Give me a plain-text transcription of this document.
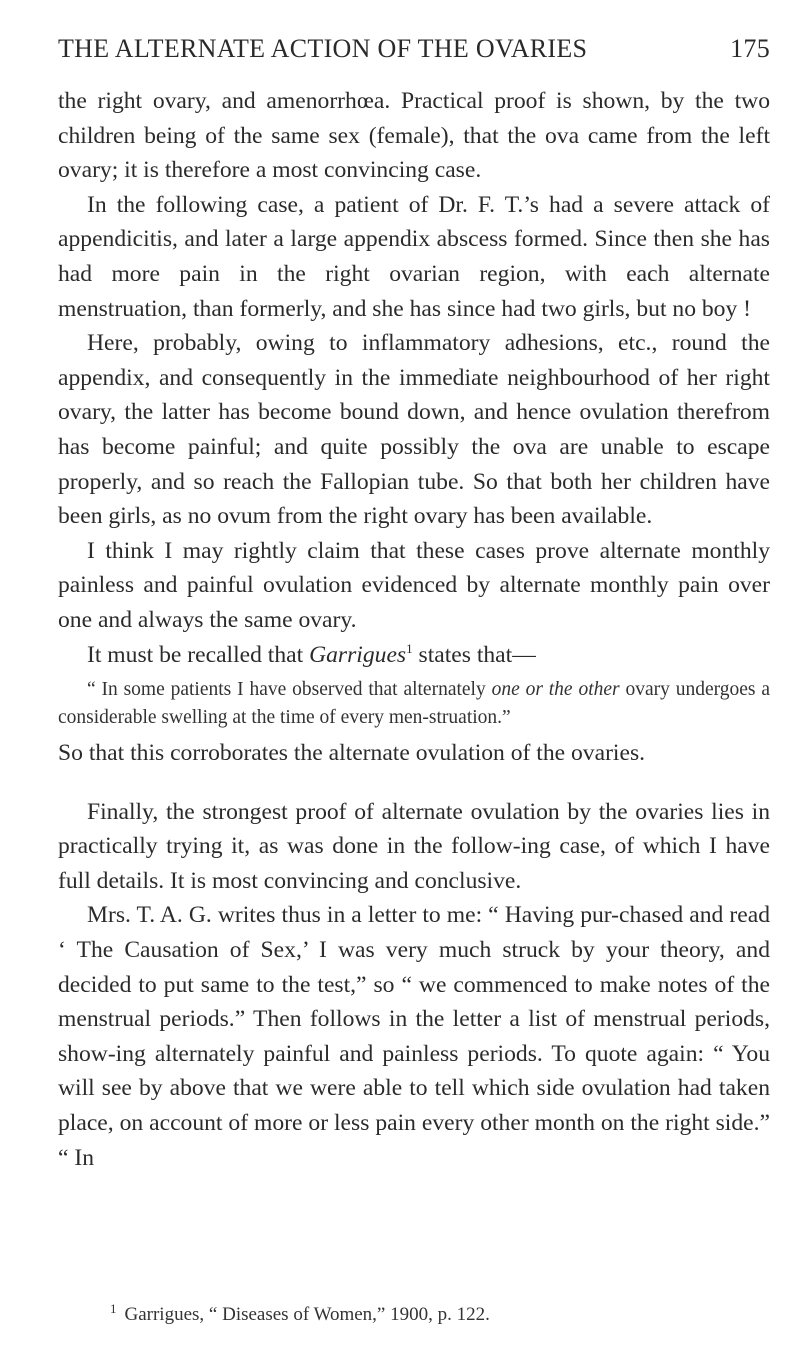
THE ALTERNATE ACTION OF THE OVARIES	175

the right ovary, and amenorrhœa. Practical proof is shown, by the two children being of the same sex (female), that the ova came from the left ovary; it is therefore a most convincing case.

In the following case, a patient of Dr. F. T.’s had a severe attack of appendicitis, and later a large appendix abscess formed. Since then she has had more pain in the right ovarian region, with each alternate menstruation, than formerly, and she has since had two girls, but no boy !

Here, probably, owing to inflammatory adhesions, etc., round the appendix, and consequently in the immediate neighbourhood of her right ovary, the latter has become bound down, and hence ovulation therefrom has become painful; and quite possibly the ova are unable to escape properly, and so reach the Fallopian tube. So that both her children have been girls, as no ovum from the right ovary has been available.

I think I may rightly claim that these cases prove alternate monthly painless and painful ovulation evidenced by alternate monthly pain over one and always the same ovary.

It must be recalled that Garrigues$^1$ states that—

“ In some patients I have observed that alternately one or the other ovary undergoes a considerable swelling at the time of every men-struation.”

So that this corroborates the alternate ovulation of the ovaries.

Finally, the strongest proof of alternate ovulation by the ovaries lies in practically trying it, as was done in the follow-ing case, of which I have full details. It is most convincing and conclusive.

Mrs. T. A. G. writes thus in a letter to me: “ Having pur-chased and read ‘ The Causation of Sex,’ I was very much struck by your theory, and decided to put same to the test,” so “ we commenced to make notes of the menstrual periods.” Then follows in the letter a list of menstrual periods, show-ing alternately painful and painless periods. To quote again: “ You will see by above that we were able to tell which side ovulation had taken place, on account of more or less pain every other month on the right side.” “ In

$^1$ Garrigues, “ Diseases of Women,” 1900, p. 122.
